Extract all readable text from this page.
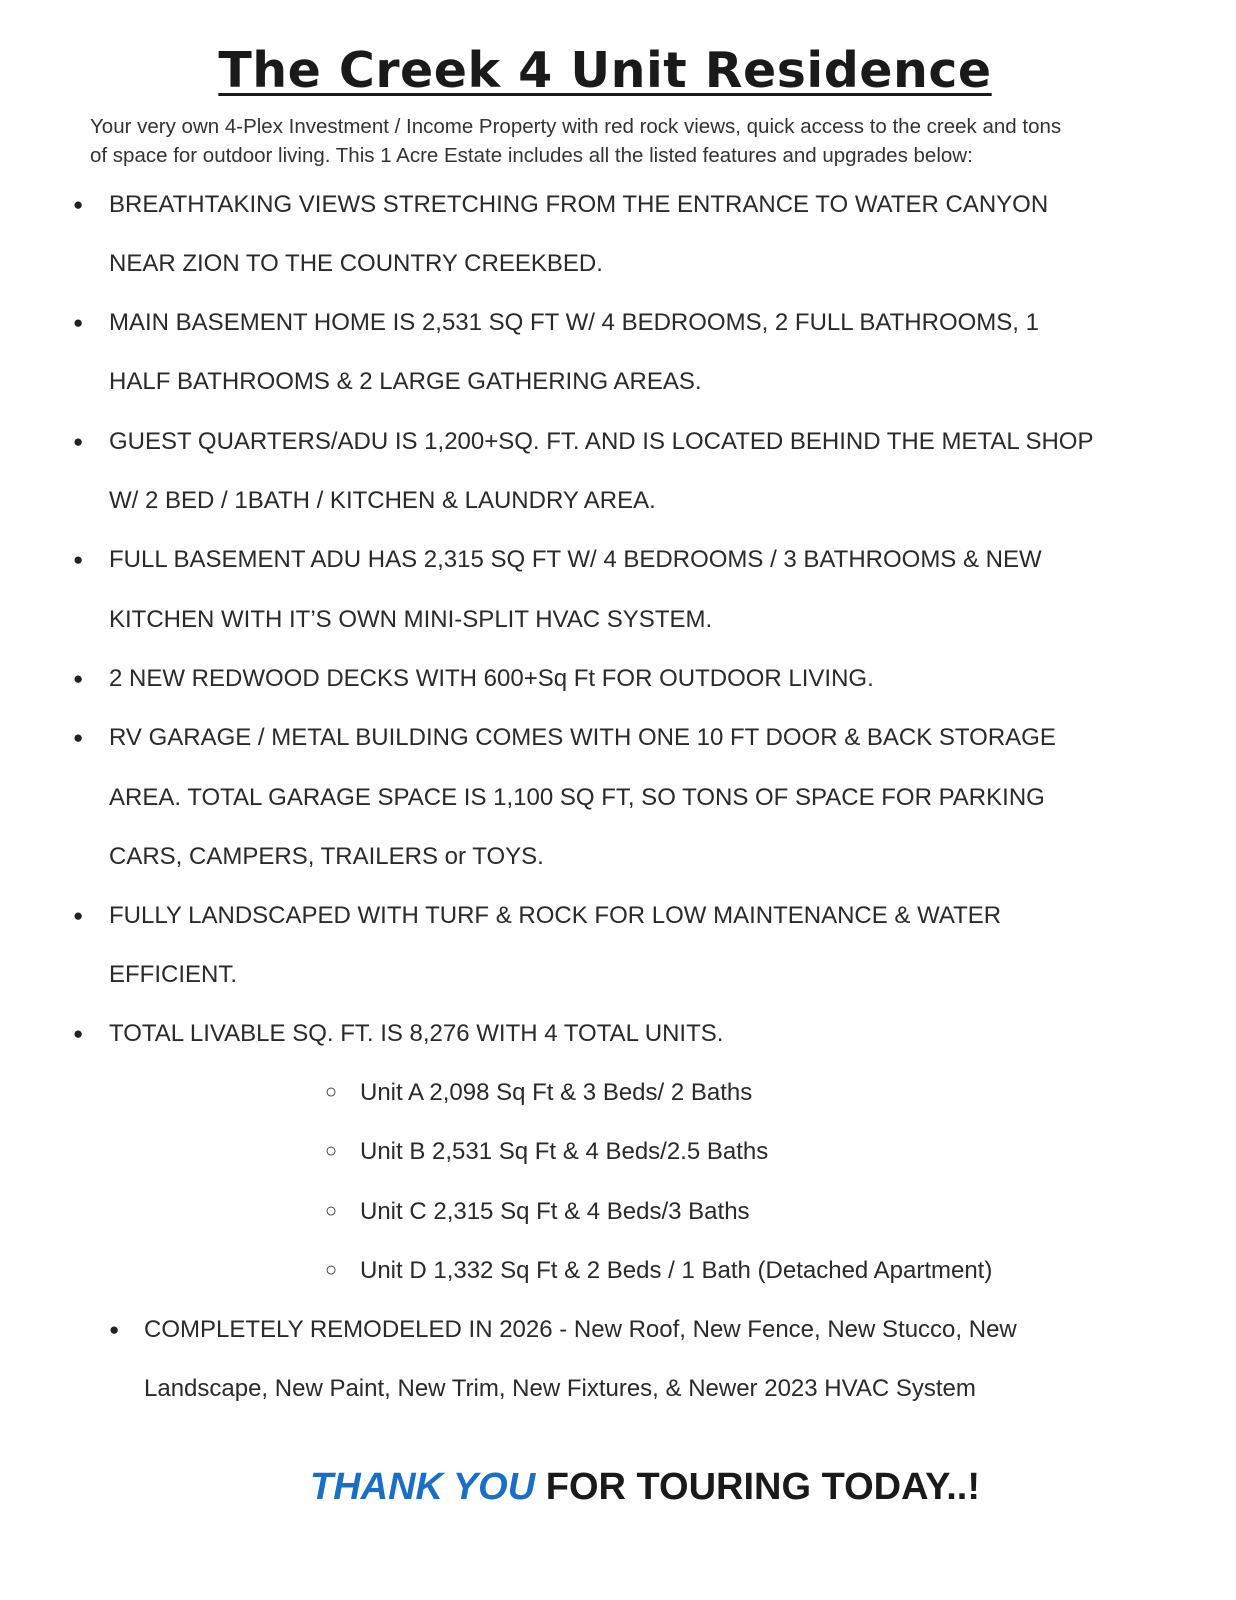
The Creek 4 Unit Residence

Your very own 4-Plex Investment / Income Property with red rock views, quick access to the creek and tons
of space for outdoor living. This 1 Acre Estate includes all the listed features and upgrades below:

● BREATHTAKING VIEWS STRETCHING FROM THE ENTRANCE TO WATER CANYON
NEAR ZION TO THE COUNTRY CREEKBED.
● MAIN BASEMENT HOME IS 2,531 SQ FT W/ 4 BEDROOMS, 2 FULL BATHROOMS, 1
HALF BATHROOMS & 2 LARGE GATHERING AREAS.
● GUEST QUARTERS/ADU IS 1,200+SQ. FT. AND IS LOCATED BEHIND THE METAL SHOP
W/ 2 BED / 1BATH / KITCHEN & LAUNDRY AREA.
● FULL BASEMENT ADU HAS 2,315 SQ FT W/ 4 BEDROOMS / 3 BATHROOMS & NEW
KITCHEN WITH IT’S OWN MINI-SPLIT HVAC SYSTEM.
● 2 NEW REDWOOD DECKS WITH 600+Sq Ft FOR OUTDOOR LIVING.
● RV GARAGE / METAL BUILDING COMES WITH ONE 10 FT DOOR & BACK STORAGE
AREA. TOTAL GARAGE SPACE IS 1,100 SQ FT, SO TONS OF SPACE FOR PARKING
CARS, CAMPERS, TRAILERS or TOYS.
● FULLY LANDSCAPED WITH TURF & ROCK FOR LOW MAINTENANCE & WATER
EFFICIENT.
● TOTAL LIVABLE SQ. FT. IS 8,276 WITH 4 TOTAL UNITS.
○ Unit A 2,098 Sq Ft & 3 Beds/ 2 Baths
○ Unit B 2,531 Sq Ft & 4 Beds/2.5 Baths
○ Unit C 2,315 Sq Ft & 4 Beds/3 Baths
○ Unit D 1,332 Sq Ft & 2 Beds / 1 Bath (Detached Apartment)
● COMPLETELY REMODELED IN 2026 - New Roof, New Fence, New Stucco, New
Landscape, New Paint, New Trim, New Fixtures, & Newer 2023 HVAC System

THANK YOU FOR TOURING TODAY..!
